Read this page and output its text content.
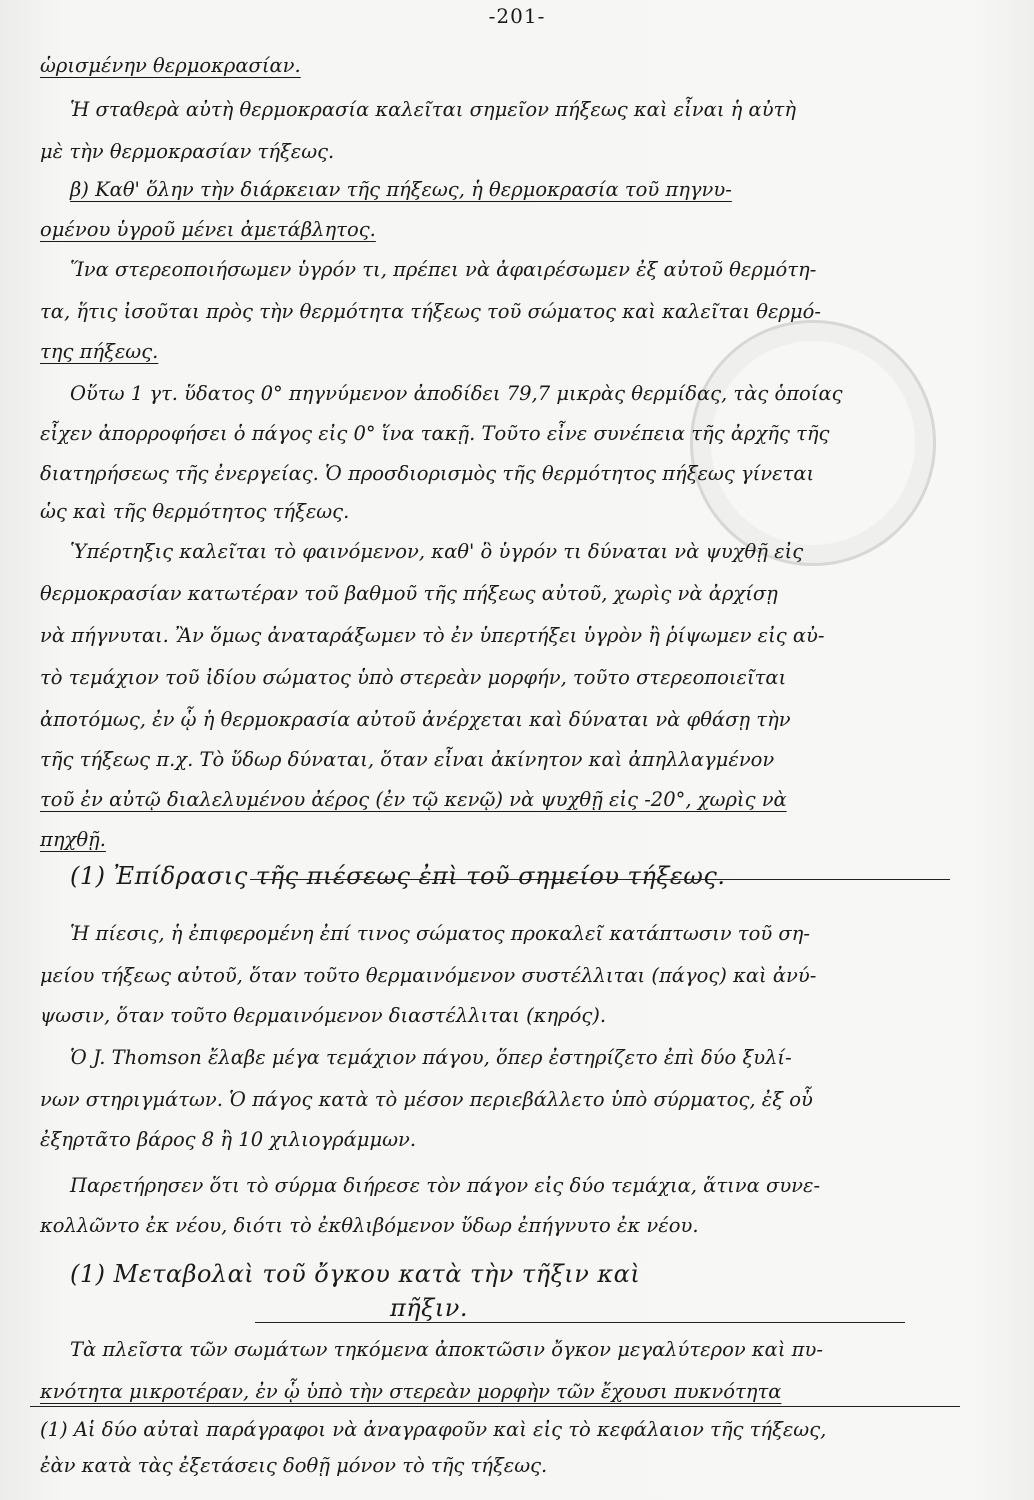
-201-
ὡρισμένην θερμοκρασίαν.
Ἡ σταθερὰ αὐτὴ θερμοκρασία καλεῖται σημεῖον πήξεως καὶ εἶναι ἡ αὐτὴ
μὲ τὴν θερμοκρασίαν τήξεως.
β) Καθ' ὅλην τὴν διάρκειαν τῆς πήξεως, ἡ θερμοκρασία τοῦ πηγνυ-
ομένου ὑγροῦ μένει ἀμετάβλητος.
Ἵνα στερεοποιήσωμεν ὑγρόν τι, πρέπει νὰ ἀφαιρέσωμεν ἐξ αὐτοῦ θερμότη-
τα, ἥτις ἰσοῦται πρὸς τὴν θερμότητα τήξεως τοῦ σώματος καὶ καλεῖται θερμό-
της πήξεως.
Οὕτω 1 γτ. ὕδατος 0° πηγνύμενον ἀποδίδει 79,7 μικρὰς θερμίδας, τὰς ὁποίας
εἶχεν ἀπορροφήσει ὁ πάγος εἰς 0° ἵνα τακῇ. Τοῦτο εἶνε συνέπεια τῆς ἀρχῆς τῆς
διατηρήσεως τῆς ἐνεργείας. Ὁ προσδιορισμὸς τῆς θερμότητος πήξεως γίνεται
ὡς καὶ τῆς θερμότητος τήξεως.
Ὑπέρτηξις καλεῖται τὸ φαινόμενον, καθ' ὃ ὑγρόν τι δύναται νὰ ψυχθῇ εἰς
θερμοκρασίαν κατωτέραν τοῦ βαθμοῦ τῆς πήξεως αὐτοῦ, χωρὶς νὰ ἀρχίσῃ
νὰ πήγνυται. Ἂν ὅμως ἀναταράξωμεν τὸ ἐν ὑπερτήξει ὑγρὸν ἢ ῥίψωμεν εἰς αὐ-
τὸ τεμάχιον τοῦ ἰδίου σώματος ὑπὸ στερεὰν μορφήν, τοῦτο στερεοποιεῖται
ἀποτόμως, ἐν ᾧ ἡ θερμοκρασία αὐτοῦ ἀνέρχεται καὶ δύναται νὰ φθάσῃ τὴν
τῆς τήξεως π.χ. Τὸ ὕδωρ δύναται, ὅταν εἶναι ἀκίνητον καὶ ἀπηλλαγμένον
τοῦ ἐν αὐτῷ διαλελυμένου ἀέρος (ἐν τῷ κενῷ) νὰ ψυχθῇ εἰς -20°, χωρὶς νὰ
πηχθῇ.
(1) Ἐπίδρασις τῆς πιέσεως ἐπὶ τοῦ σημείου τήξεως.
Ἡ πίεσις, ἡ ἐπιφερομένη ἐπί τινος σώματος προκαλεῖ κατάπτωσιν τοῦ ση-
μείου τήξεως αὐτοῦ, ὅταν τοῦτο θερμαινόμενον συστέλλιται (πάγος) καὶ ἀνύ-
ψωσιν, ὅταν τοῦτο θερμαινόμενον διαστέλλιται (κηρός).
Ὁ J. Thomson ἔλαβε μέγα τεμάχιον πάγου, ὅπερ ἐστηρίζετο ἐπὶ δύο ξυλί-
νων στηριγμάτων. Ὁ πάγος κατὰ τὸ μέσον περιεβάλλετο ὑπὸ σύρματος, ἐξ οὗ
ἐξηρτᾶτο βάρος 8 ἢ 10 χιλιογράμμων.
Παρετήρησεν ὅτι τὸ σύρμα διήρεσε τὸν πάγον εἰς δύο τεμάχια, ἅτινα συνε-
κολλῶντο ἐκ νέου, διότι τὸ ἐκθλιβόμενον ὕδωρ ἐπήγνυτο ἐκ νέου.
(1) Μεταβολαὶ τοῦ ὄγκου κατὰ τὴν τῆξιν καὶ
πῆξιν.
Τὰ πλεῖστα τῶν σωμάτων τηκόμενα ἀποκτῶσιν ὄγκον μεγαλύτερον καὶ πυ-
κνότητα μικροτέραν, ἐν ᾧ ὑπὸ τὴν στερεὰν μορφὴν τῶν ἔχουσι πυκνότητα
(1) Αἱ δύο αὐταὶ παράγραφοι νὰ ἀναγραφοῦν καὶ εἰς τὸ κεφάλαιον τῆς τήξεως,
ἐὰν κατὰ τὰς ἐξετάσεις δοθῇ μόνον τὸ τῆς τήξεως.
